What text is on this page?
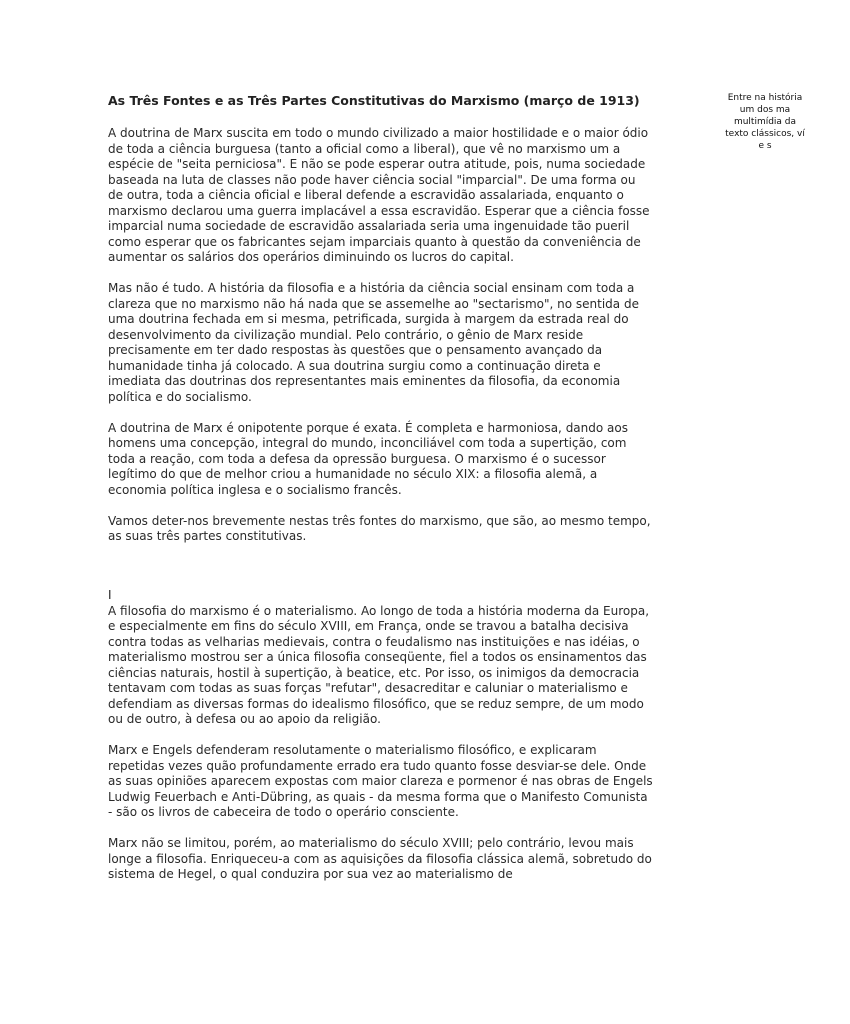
Entre na história
um dos ma
multimídia da
texto clássicos, ví
e s
As Três Fontes e as Três Partes Constitutivas do Marxismo (março de 1913)

A doutrina de Marx suscita em todo o mundo civilizado a maior hostilidade e o maior ódio de toda a ciência burguesa (tanto a oficial como a liberal), que vê no marxismo um a espécie de "seita perniciosa". E não se pode esperar outra atitude, pois, numa sociedade baseada na luta de classes não pode haver ciência social "imparcial". De uma forma ou de outra, toda a ciência oficial e liberal defende a escravidão assalariada, enquanto o marxismo declarou uma guerra implacável a essa escravidão. Esperar que a ciência fosse imparcial numa sociedade de escravidão assalariada seria uma ingenuidade tão pueril como esperar que os fabricantes sejam imparciais quanto à questão da conveniência de aumentar os salários dos operários diminuindo os lucros do capital.

Mas não é tudo. A história da filosofia e a história da ciência social ensinam com toda a clareza que no marxismo não há nada que se assemelhe ao "sectarismo", no sentida de uma doutrina fechada em si mesma, petrificada, surgida à margem da estrada real do desenvolvimento da civilização mundial. Pelo contrário, o gênio de Marx reside precisamente em ter dado respostas às questões que o pensamento avançado da humanidade tinha já colocado. A sua doutrina surgiu como a continuação direta e imediata das doutrinas dos representantes mais eminentes da filosofia, da economia política e do socialismo.

A doutrina de Marx é onipotente porque é exata. É completa e harmoniosa, dando aos homens uma concepção, integral do mundo, inconciliável com toda a supertição, com toda a reação, com toda a defesa da opressão burguesa. O marxismo é o sucessor legítimo do que de melhor criou a humanidade no século XIX: a filosofia alemã, a economia política inglesa e o socialismo francês.

Vamos deter-nos brevemente nestas três fontes do marxismo, que são, ao mesmo tempo, as suas três partes constitutivas.

I

A filosofia do marxismo é o materialismo. Ao longo de toda a história moderna da Europa, e especialmente em fins do século XVIII, em França, onde se travou a batalha decisiva contra todas as velharias medievais, contra o feudalismo nas instituições e nas idéias, o materialismo mostrou ser a única filosofia conseqüente, fiel a todos os ensinamentos das ciências naturais, hostil à supertição, à beatice, etc. Por isso, os inimigos da democracia tentavam com todas as suas forças "refutar", desacreditar e caluniar o materialismo e defendiam as diversas formas do idealismo filosófico, que se reduz sempre, de um modo ou de outro, à defesa ou ao apoio da religião.

Marx e Engels defenderam resolutamente o materialismo filosófico, e explicaram repetidas vezes quão profundamente errado era tudo quanto fosse desviar-se dele. Onde as suas opiniões aparecem expostas com maior clareza e pormenor é nas obras de Engels Ludwig Feuerbach e Anti-Dübring, as quais - da mesma forma que o Manifesto Comunista - são os livros de cabeceira de todo o operário consciente.

Marx não se limitou, porém, ao materialismo do século XVIII; pelo contrário, levou mais longe a filosofia. Enriqueceu-a com as aquisições da filosofia clássica alemã, sobretudo do sistema de Hegel, o qual conduzira por sua vez ao materialismo de
